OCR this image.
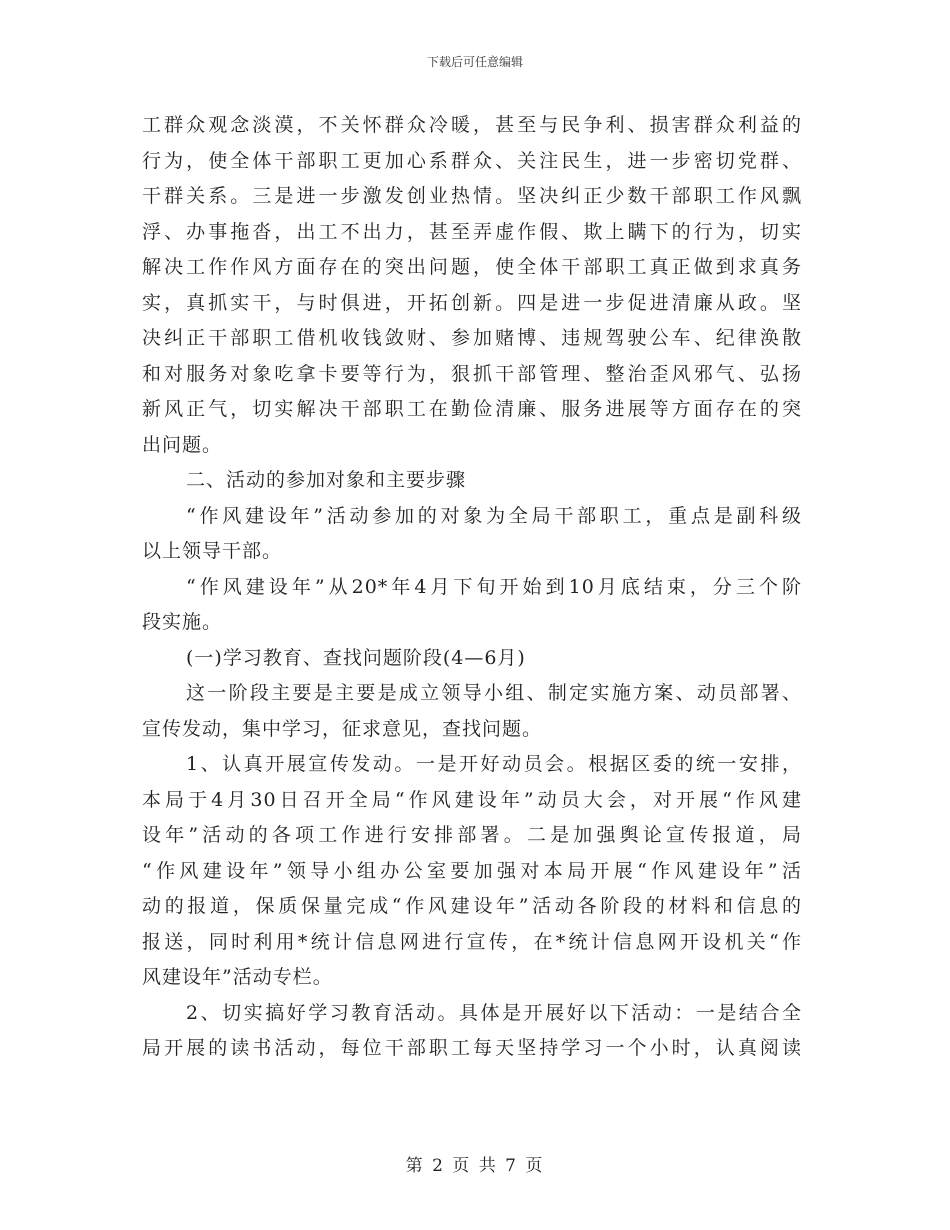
下载后可任意编辑
工群众观念淡漠，不关怀群众冷暖，甚至与民争利、损害群众利益的
行为，使全体干部职工更加心系群众、关注民生，进一步密切党群、
干群关系。三是进一步激发创业热情。坚决纠正少数干部职工作风飘
浮、办事拖沓，出工不出力，甚至弄虚作假、欺上瞒下的行为，切实
解决工作作风方面存在的突出问题，使全体干部职工真正做到求真务
实，真抓实干，与时俱进，开拓创新。四是进一步促进清廉从政。坚
决纠正干部职工借机收钱敛财、参加赌博、违规驾驶公车、纪律涣散
和对服务对象吃拿卡要等行为，狠抓干部管理、整治歪风邪气、弘扬
新风正气，切实解决干部职工在勤俭清廉、服务进展等方面存在的突
出问题。
二、活动的参加对象和主要步骤
“作风建设年”活动参加的对象为全局干部职工，重点是副科级
以上领导干部。
“作风建设年”从20*年4月下旬开始到10月底结束，分三个阶
段实施。
(一)学习教育、查找问题阶段(4—6月)
这一阶段主要是主要是成立领导小组、制定实施方案、动员部署、
宣传发动，集中学习，征求意见，查找问题。
1、认真开展宣传发动。一是开好动员会。根据区委的统一安排，
本局于4月30日召开全局“作风建设年”动员大会，对开展“作风建
设年”活动的各项工作进行安排部署。二是加强舆论宣传报道，局
“作风建设年”领导小组办公室要加强对本局开展“作风建设年”活
动的报道，保质保量完成“作风建设年”活动各阶段的材料和信息的
报送，同时利用*统计信息网进行宣传，在*统计信息网开设机关“作
风建设年”活动专栏。
2、切实搞好学习教育活动。具体是开展好以下活动：一是结合全
局开展的读书活动，每位干部职工每天坚持学习一个小时，认真阅读
第 2 页 共 7 页
